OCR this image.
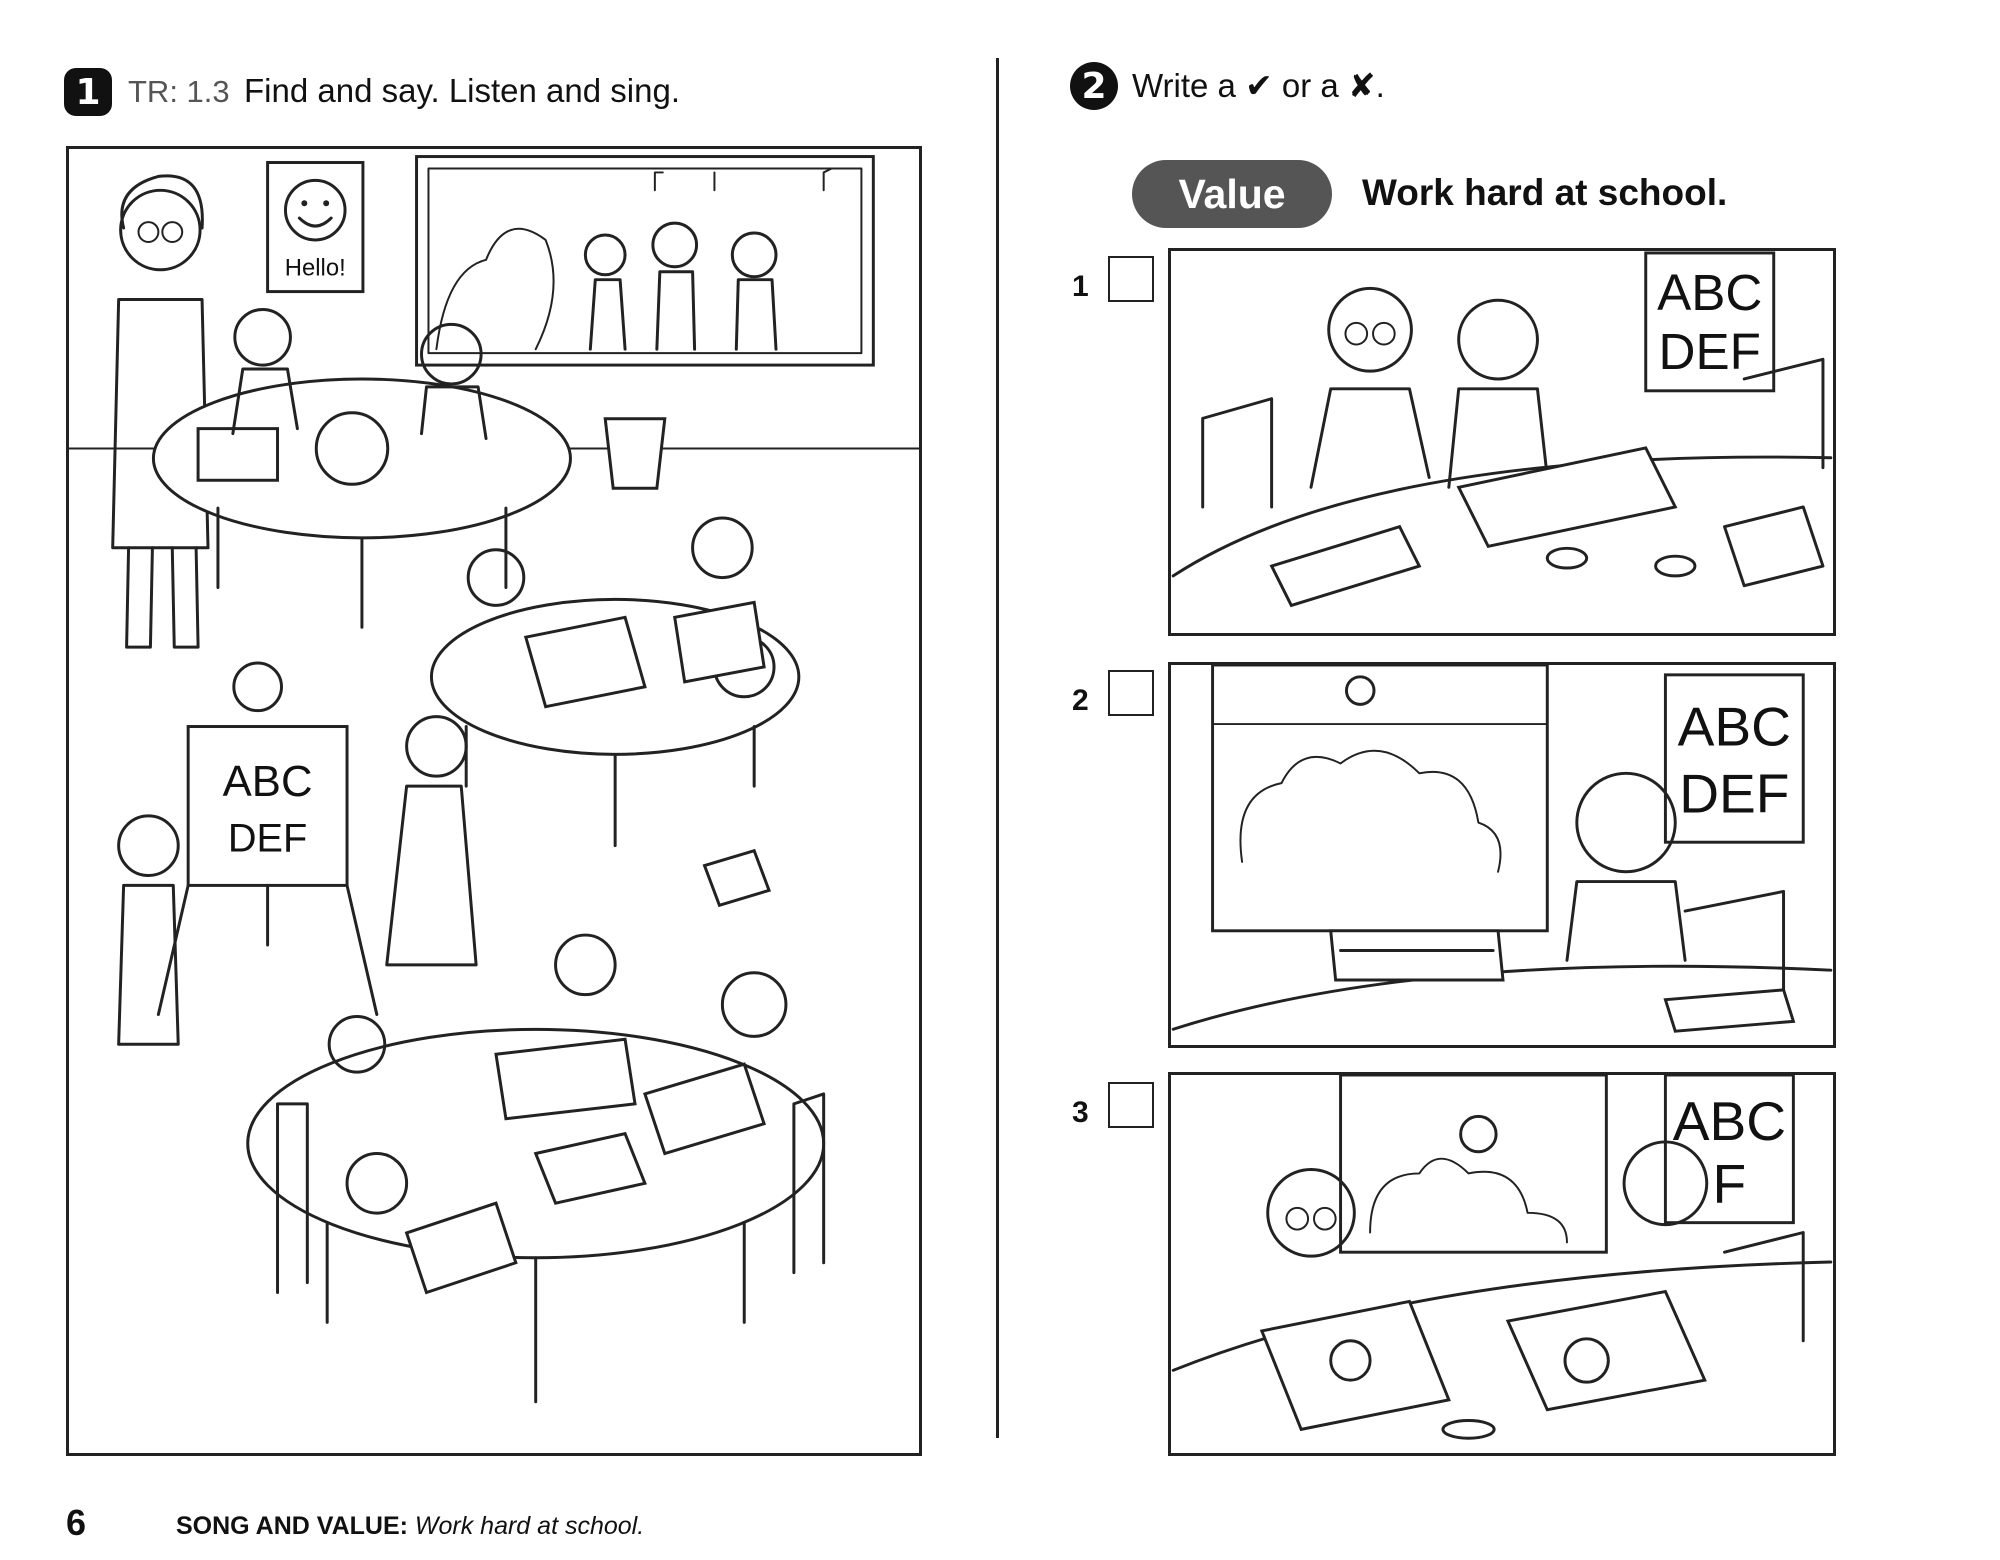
1 TR: 1.3 Find and say. Listen and sing.
Hello!
ABC
DEF
2 Write a ✔ or a ✘.
Value	Work hard at school.
1	ABC
DEF
2	ABC
DEF
3	ABC
F
6	SONG AND VALUE: Work hard at school.
